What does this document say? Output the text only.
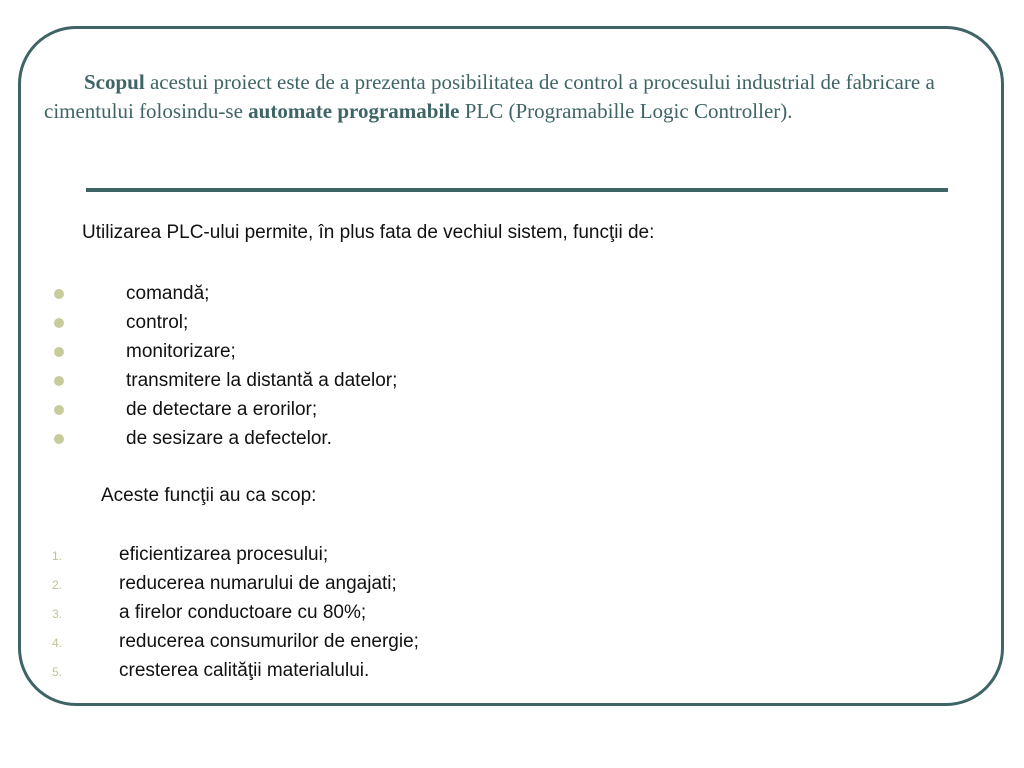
Scopul acestui proiect este de a prezenta posibilitatea de control a procesului industrial de fabricare a cimentului folosindu-se automate programabile PLC (Programabille Logic Controller).

Utilizarea PLC-ului permite, în plus fata de vechiul sistem, funcţii de:

comandă;
control;
monitorizare;
transmitere la distantă a datelor;
de detectare a erorilor;
de sesizare a defectelor.

Aceste funcţii au ca scop:

1.	eficientizarea procesului;
2.	reducerea numarului de angajati;
3.	a firelor conductoare cu 80%;
4.	reducerea consumurilor de energie;
5.	cresterea calităţii materialului.
